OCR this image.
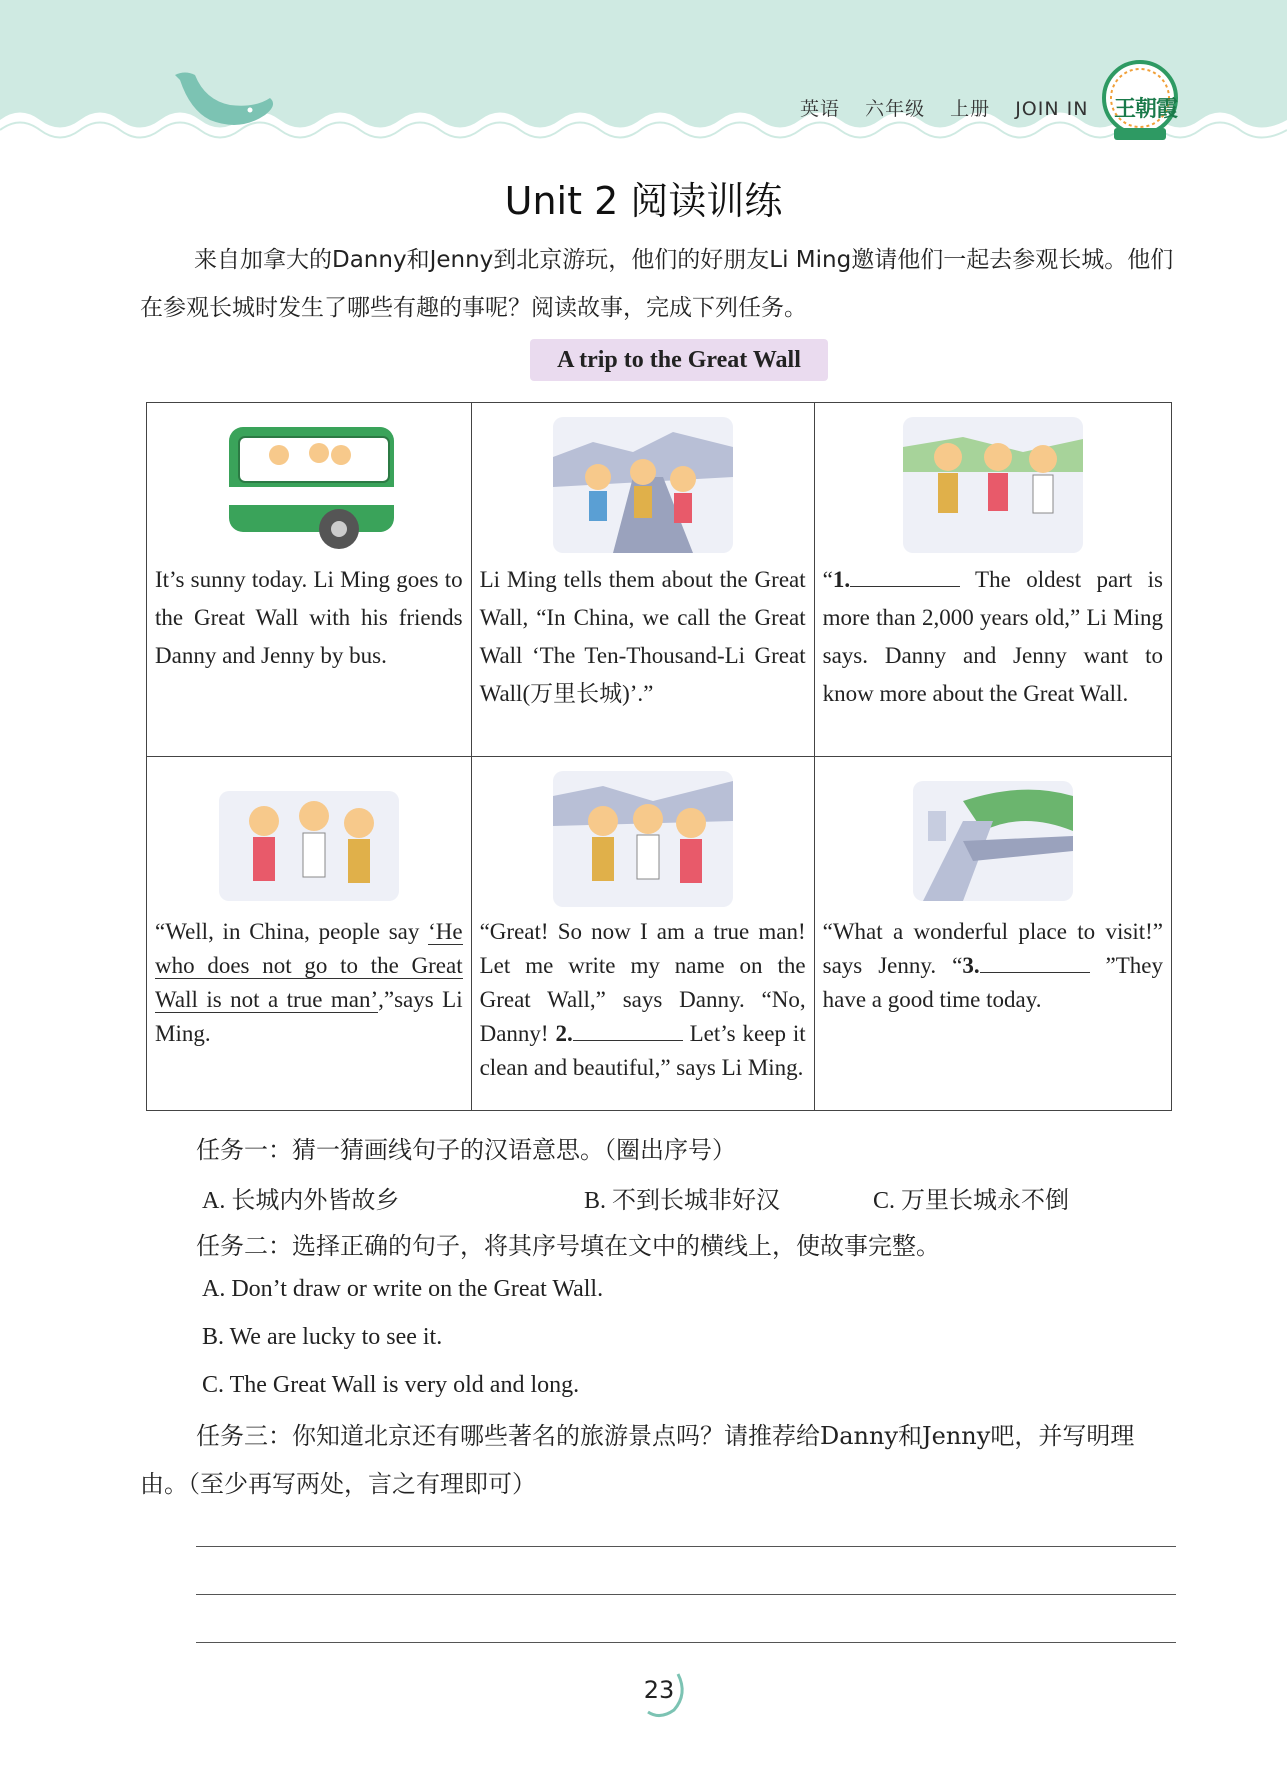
英语 六年级 上册 JOIN IN	王朝霞
Unit 2 阅读训练
来自加拿大的Danny和Jenny到北京游玩，他们的好朋友Li Ming邀请他们一起去参观长城。他们在参观长城时发生了哪些有趣的事呢？阅读故事，完成下列任务。
A trip to the Great Wall
It’s sunny today. Li Ming goes to the Great Wall with his friends Danny and Jenny by bus.	Li Ming tells them about the Great Wall, “In China, we call the Great Wall ‘The Ten-Thousand-Li Great Wall(万里长城)’.”	“1. The oldest part is more than 2,000 years old,” Li Ming says. Danny and Jenny want to know more about the Great Wall.

“Well, in China, people say ‘He who does not go to the Great Wall is not a true man’,”says Li Ming.	“Great! So now I am a true man! Let me write my name on the Great Wall,” says Danny. “No, Danny! 2. Let’s keep it clean and beautiful,” says Li Ming.	“What a wonderful place to visit!” says Jenny. “3. ”They have a good time today.
任务一：猜一猜画线句子的汉语意思。（圈出序号）
A. 长城内外皆故乡	B. 不到长城非好汉	C. 万里长城永不倒
任务二：选择正确的句子，将其序号填在文中的横线上，使故事完整。
A. Don’t draw or write on the Great Wall.
B. We are lucky to see it.
C. The Great Wall is very old and long.
任务三：你知道北京还有哪些著名的旅游景点吗？请推荐给Danny和Jenny吧，并写明理由。（至少再写两处，言之有理即可）
23
